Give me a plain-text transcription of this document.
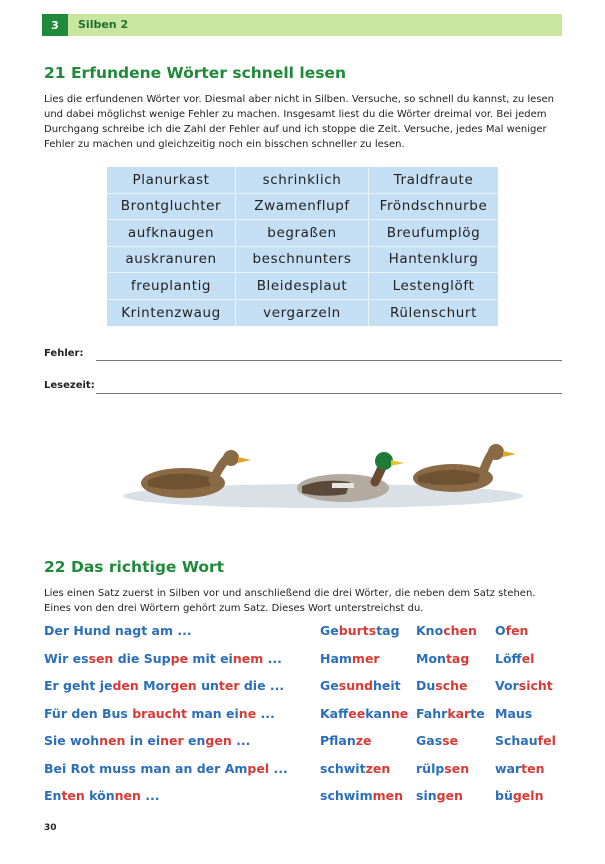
3	Silben 2
21 Erfundene Wörter schnell lesen
Lies die erfundenen Wörter vor. Diesmal aber nicht in Silben. Versuche, so schnell du kannst, zu lesen und dabei möglichst wenige Fehler zu machen. Insgesamt liest du die Wörter dreimal vor. Bei jedem Durchgang schreibe ich die Zahl der Fehler auf und ich stoppe die Zeit. Versuche, jedes Mal weniger Fehler zu machen und gleichzeitig noch ein bisschen schneller zu lesen.
Planurkast	schrinklich	Traldfraute
Brontgluchter	Zwamenflupf	Fröndschnurbe
aufknaugen	begraßen	Breufumplög
auskranuren	beschnunters	Hantenklurg
freuplantig	Bleidesplaut	Lestenglöft
Krintenzwaug	vergarzeln	Rülenschurt
Fehler:
Lesezeit:
22 Das richtige Wort
Lies einen Satz zuerst in Silben vor und anschließend die drei Wörter, die neben dem Satz stehen. Eines von den drei Wörtern gehört zum Satz. Dieses Wort unterstreichst du.
Der Hund nagt am ...	Geburtstag Knochen Ofen
Wir essen die Suppe mit einem ...	Hammer	Montag Löffel
Er geht jeden Morgen unter die ...	Gesundheit Dusche Vorsicht
Für den Bus braucht man eine ...	Kaffeekanne Fahrkarte Maus
Sie wohnen in einer engen ...	Pflanze	Gasse	Schaufel
Bei Rot muss man an der Ampel ...	schwitzen rülpsen warten
Enten können ...	schwimmen singen	bügeln
30
